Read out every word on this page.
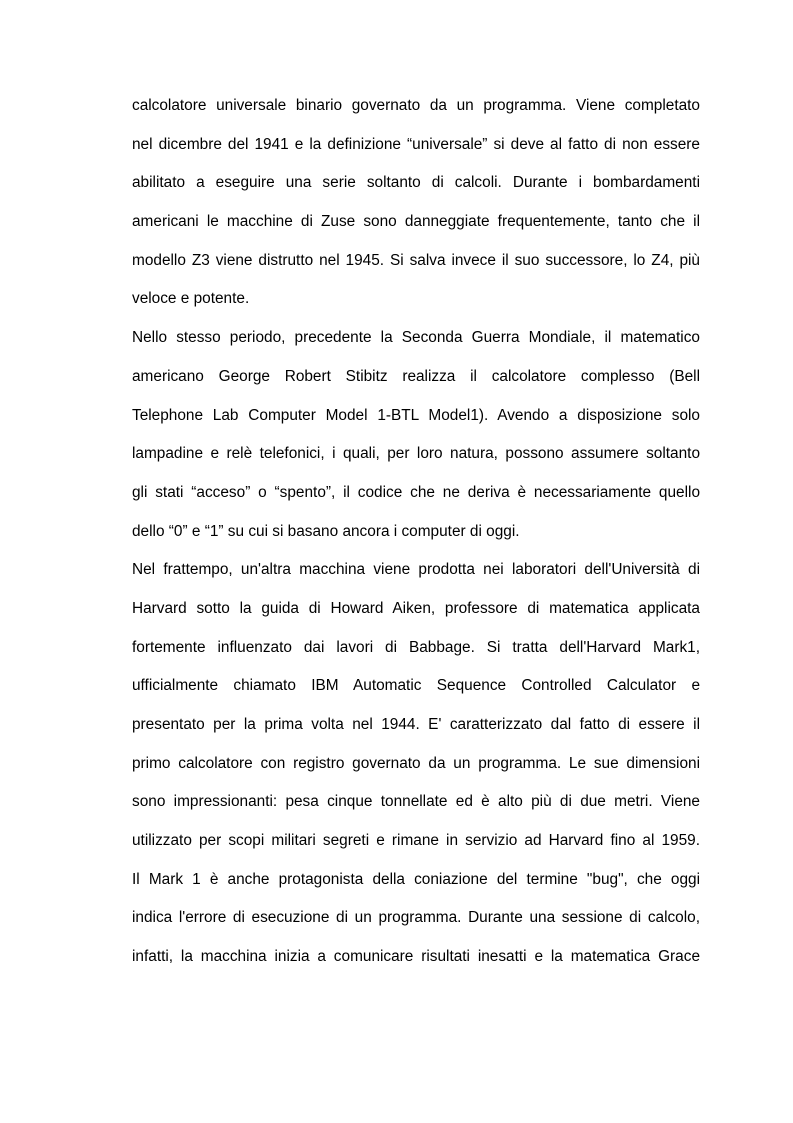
calcolatore universale binario governato da un programma. Viene completato
nel dicembre del 1941 e la definizione “universale” si deve al fatto di non essere
abilitato a eseguire una serie soltanto di calcoli. Durante i bombardamenti
americani le macchine di Zuse sono danneggiate frequentemente, tanto che il
modello Z3 viene distrutto nel 1945. Si salva invece il suo successore, lo Z4, più
veloce e potente.
Nello stesso periodo, precedente la Seconda Guerra Mondiale, il matematico
americano George Robert Stibitz realizza il calcolatore complesso (Bell
Telephone Lab Computer Model 1-BTL Model1). Avendo a disposizione solo
lampadine e relè telefonici, i quali, per loro natura, possono assumere soltanto
gli stati “acceso” o “spento”, il codice che ne deriva è necessariamente quello
dello “0” e “1” su cui si basano ancora i computer di oggi.
Nel frattempo, un'altra macchina viene prodotta nei laboratori dell'Università di
Harvard sotto la guida di Howard Aiken, professore di matematica applicata
fortemente influenzato dai lavori di Babbage. Si tratta dell'Harvard Mark1,
ufficialmente chiamato IBM Automatic Sequence Controlled Calculator e
presentato per la prima volta nel 1944. E' caratterizzato dal fatto di essere il
primo calcolatore con registro governato da un programma. Le sue dimensioni
sono impressionanti: pesa cinque tonnellate ed è alto più di due metri. Viene
utilizzato per scopi militari segreti e rimane in servizio ad Harvard fino al 1959.
Il Mark 1 è anche protagonista della coniazione del termine "bug", che oggi
indica l'errore di esecuzione di un programma. Durante una sessione di calcolo,
infatti, la macchina inizia a comunicare risultati inesatti e la matematica Grace
